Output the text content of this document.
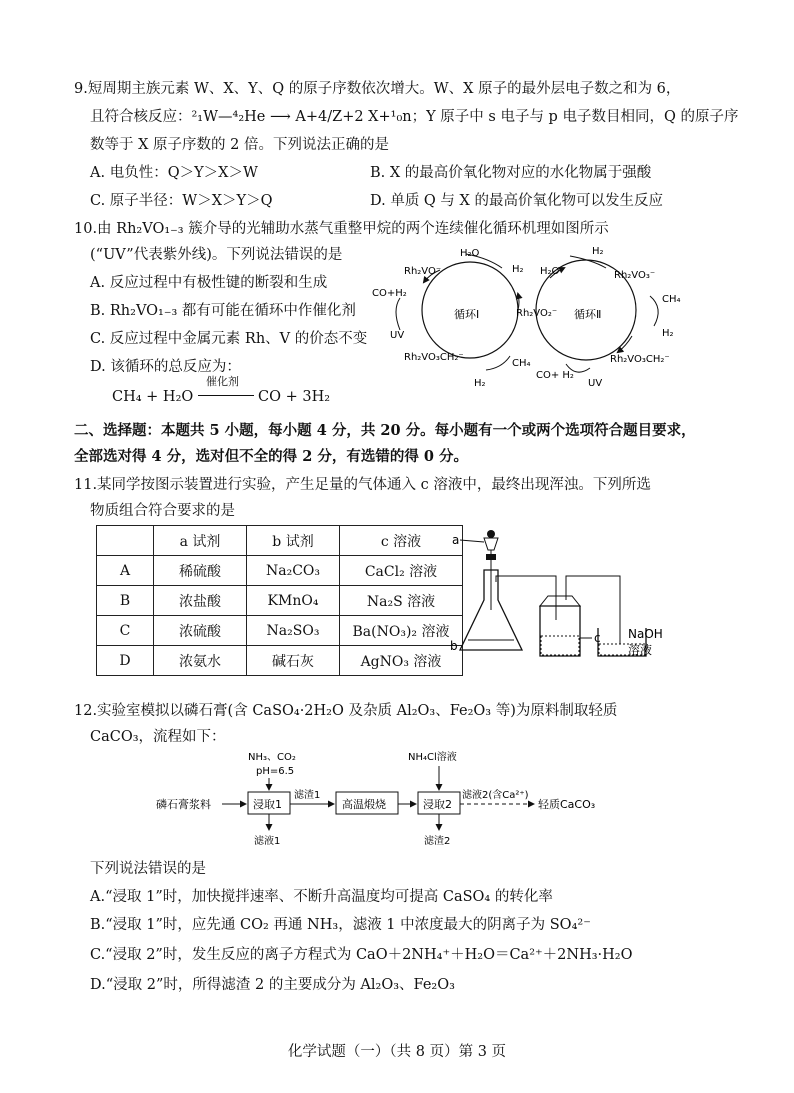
9.短周期主族元素 W、X、Y、Q 的原子序数依次增大。W、X 原子的最外层电子数之和为 6，
且符合核反应：²₁W—⁴₂He ⟶ A+4/Z+2 X+¹₀n；Y 原子中 s 电子与 p 电子数目相同，Q 的原子序
数等于 X 原子序数的 2 倍。下列说法正确的是
A. 电负性：Q＞Y＞X＞W	B. X 的最高价氧化物对应的水化物属于强酸
C. 原子半径：W＞X＞Y＞Q	D. 单质 Q 与 X 的最高价氧化物可以发生反应
10.由 Rh₂VO₁₋₃ 簇介导的光辅助水蒸气重整甲烷的两个连续催化循环机理如图所示
(“UV”代表紫外线)。下列说法错误的是
A. 反应过程中有极性键的断裂和生成
B. Rh₂VO₁₋₃ 都有可能在循环中作催化剂
C. 反应过程中金属元素 Rh、V 的价态不变
D. 该循环的总反应为：
CH₄ + H₂O
催化剂
CO + 3H₂
Rh₂VO⁻
H₂O
H₂
CO+H₂
UV
循环Ⅰ	Rh₂VO₂⁻
Rh₂VO₃CH₂⁻
H₂
CH₄
H₂O
H₂
Rh₂VO₃⁻
CH₄
H₂
循环Ⅱ
Rh₂VO₃CH₂⁻
CO+ H₂
UV
二、选择题：本题共 5 小题，每小题 4 分，共 20 分。每小题有一个或两个选项符合题目要求，
全部选对得 4 分，选对但不全的得 2 分，有选错的得 0 分。
11.某同学按图示装置进行实验，产生足量的气体通入 c 溶液中，最终出现浑浊。下列所选
物质组合符合要求的是
	a 试剂	b 试剂	c 溶液
A	稀硫酸	Na₂CO₃	CaCl₂ 溶液
B	浓盐酸	KMnO₄	Na₂S 溶液
C	浓硫酸	Na₂SO₃	Ba(NO₃)₂ 溶液
D	浓氨水	碱石灰	AgNO₃ 溶液
a
b
c NaOH
溶液
12.实验室模拟以磷石膏(含 CaSO₄·2H₂O 及杂质 Al₂O₃、Fe₂O₃ 等)为原料制取轻质
CaCO₃，流程如下：
磷石膏浆料	浸取1
NH₃、CO₂
pH=6.5
滤液1
滤渣1
高温煅烧	浸取2
NH₄Cl溶液
滤渣2
滤液2(含Ca²⁺)
轻质CaCO₃
下列说法错误的是
A.“浸取 1”时，加快搅拌速率、不断升高温度均可提高 CaSO₄ 的转化率
B.“浸取 1”时，应先通 CO₂ 再通 NH₃，滤液 1 中浓度最大的阴离子为 SO₄²⁻
C.“浸取 2”时，发生反应的离子方程式为 CaO＋2NH₄⁺＋H₂O＝Ca²⁺＋2NH₃·H₂O
D.“浸取 2”时，所得滤渣 2 的主要成分为 Al₂O₃、Fe₂O₃
化学试题（一）（共 8 页）第 3 页
